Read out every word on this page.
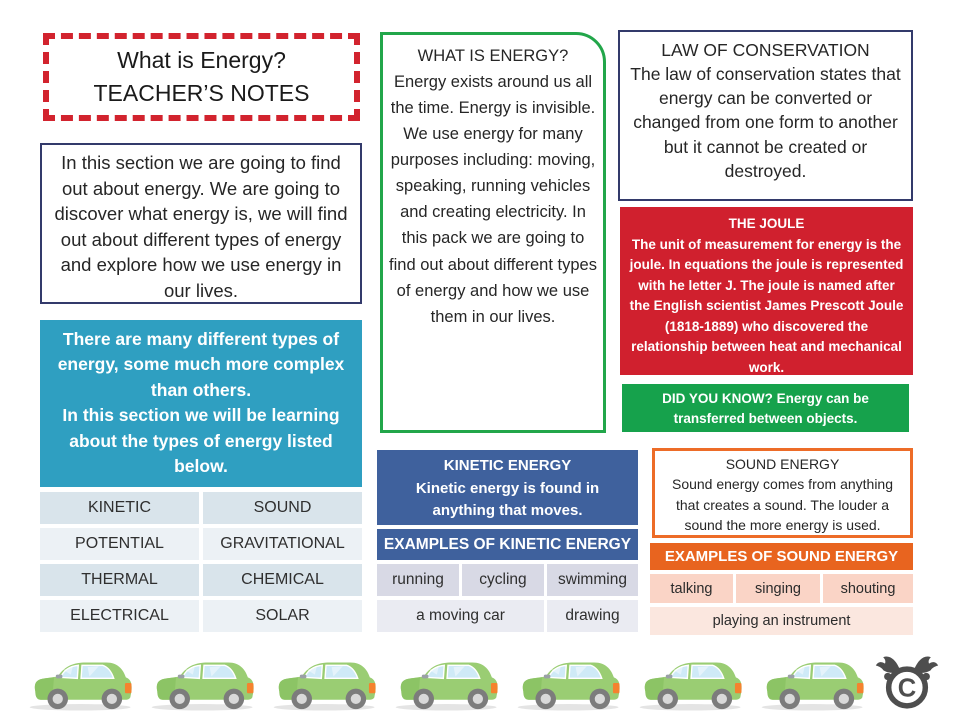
What is Energy?
TEACHER’S NOTES
In this section we are going to find out about energy. We are going to discover what energy is, we will find out about different types of energy and explore how we use energy in our lives.
There are many different types of energy, some much more complex than others.
In this section we will be learning about the types of energy listed below.
KINETIC	SOUND
POTENTIAL	GRAVITATIONAL
THERMAL	CHEMICAL
ELECTRICAL	SOLAR
WHAT IS ENERGY?
Energy exists around us all the time. Energy is invisible. We use energy for many purposes including: moving, speaking, running vehicles and creating electricity. In this pack we are going to find out about different types of energy and how we use them in our lives.
KINETIC ENERGY
Kinetic energy is found in anything that moves.
EXAMPLES OF KINETIC ENERGY
running	cycling	swimming
a moving car	drawing
LAW OF CONSERVATION
The law of conservation states that energy can be converted or changed from one form to another but it cannot be created or destroyed.
THE JOULE
The unit of measurement for energy is the joule. In equations the joule is represented with he letter J. The joule is named after the English scientist James Prescott Joule (1818-1889) who discovered the relationship between heat and mechanical work.
DID YOU KNOW? Energy can be transferred between objects.
SOUND ENERGY
Sound energy comes from anything that creates a sound. The louder a sound the more energy is used.
EXAMPLES OF SOUND ENERGY
talking	singing	shouting
playing an instrument
C
